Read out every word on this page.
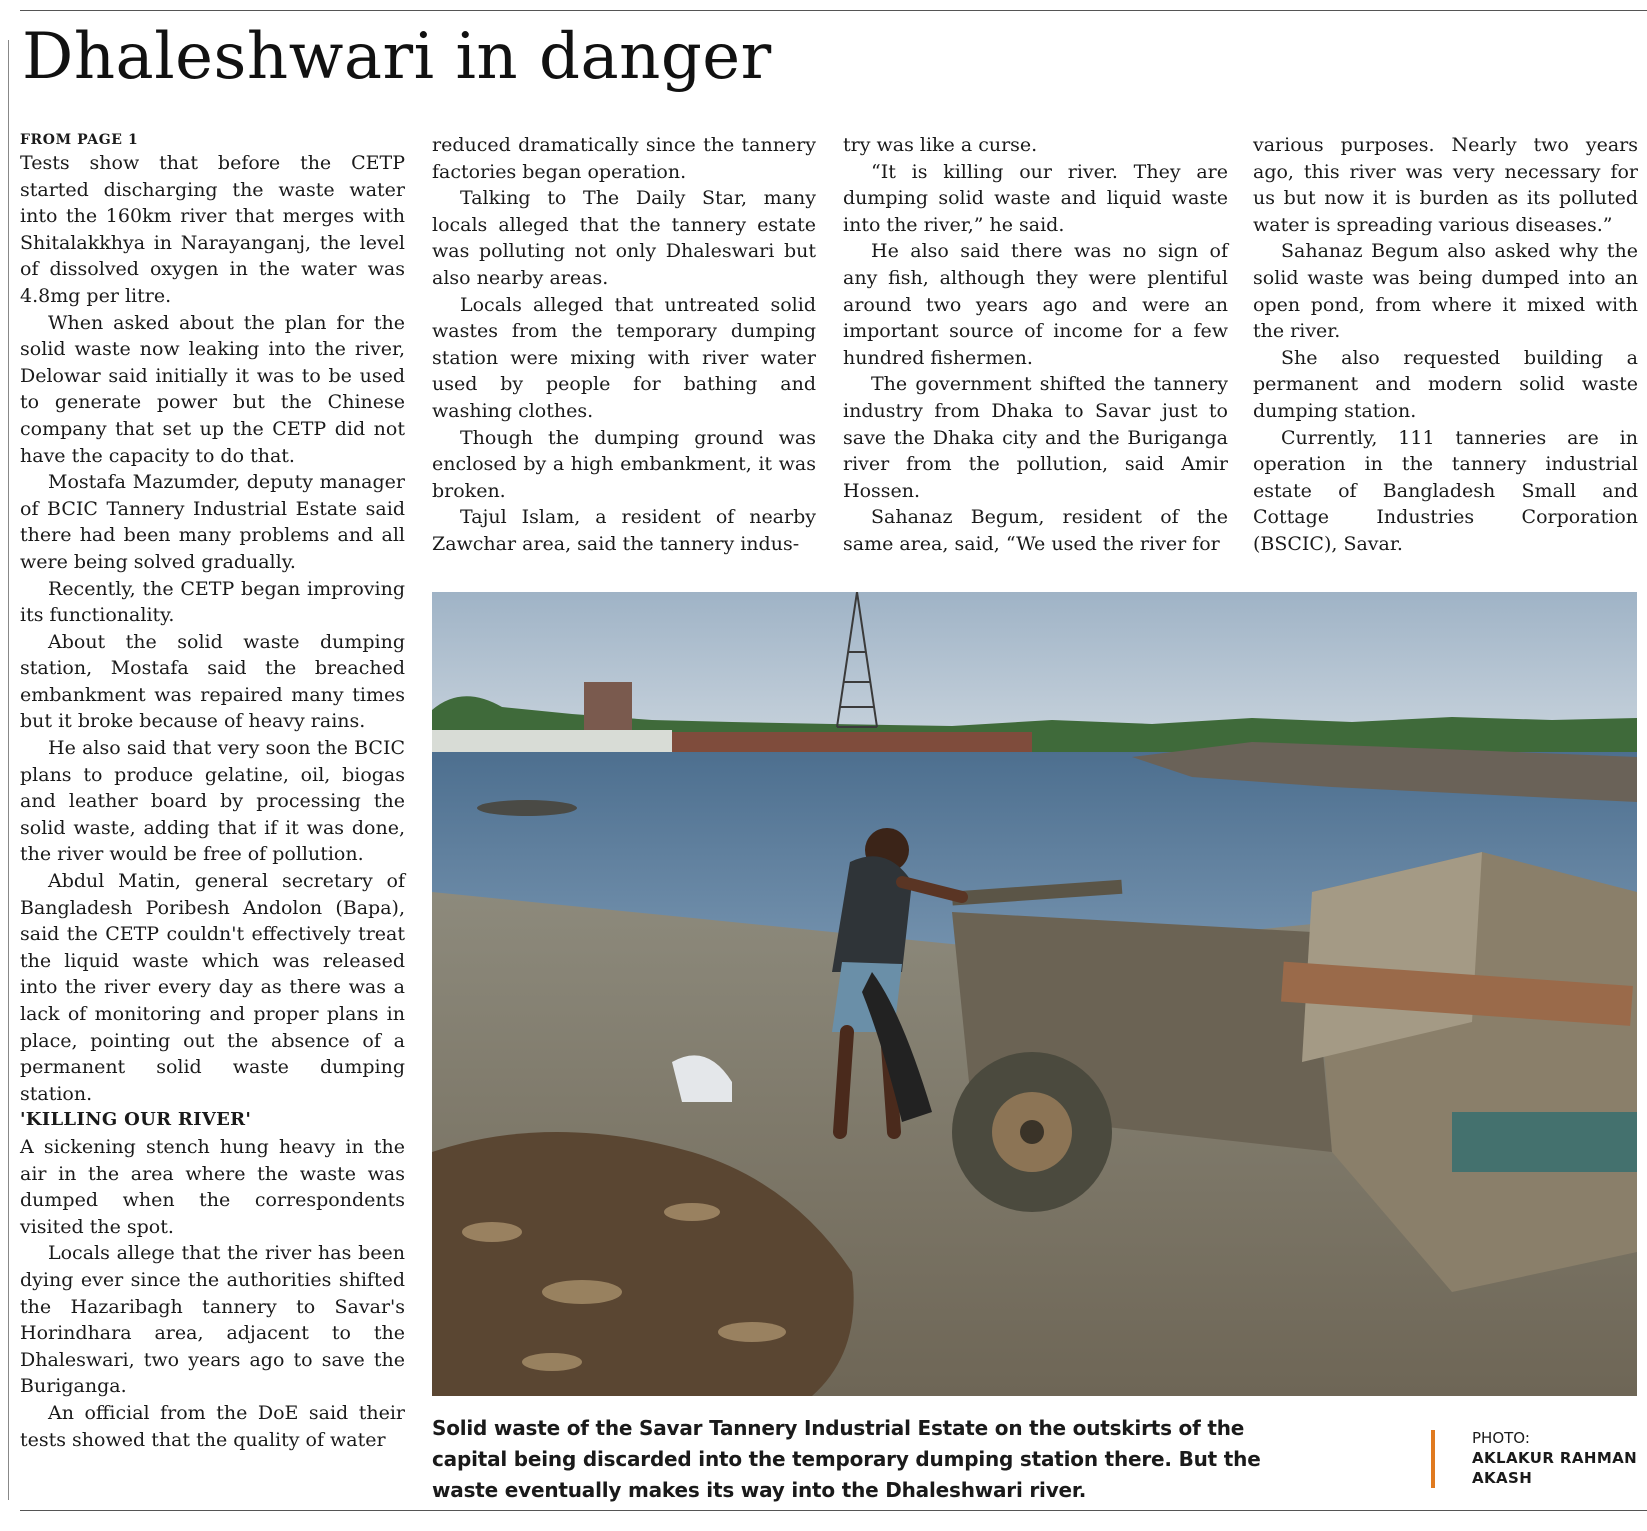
Dhaleshwari in danger

FROM PAGE 1

Tests show that before the CETP started discharging the waste water into the 160km river that merges with Shitalakkhya in Narayanganj, the level of dissolved oxygen in the water was 4.8mg per litre.

When asked about the plan for the solid waste now leaking into the river, Delowar said initially it was to be used to generate power but the Chinese company that set up the CETP did not have the capacity to do that.

Mostafa Mazumder, deputy manager of BCIC Tannery Industrial Estate said there had been many problems and all were being solved gradually.

Recently, the CETP began improving its functionality.

About the solid waste dumping station, Mostafa said the breached embankment was repaired many times but it broke because of heavy rains.

He also said that very soon the BCIC plans to produce gelatine, oil, biogas and leather board by processing the solid waste, adding that if it was done, the river would be free of pollution.

Abdul Matin, general secretary of Bangladesh Poribesh Andolon (Bapa), said the CETP couldn't effectively treat the liquid waste which was released into the river every day as there was a lack of monitoring and proper plans in place, pointing out the absence of a permanent solid waste dumping station.

'KILLING OUR RIVER'

A sickening stench hung heavy in the air in the area where the waste was dumped when the correspondents visited the spot.

Locals allege that the river has been dying ever since the authorities shifted the Hazaribagh tannery to Savar's Horindhara area, adjacent to the Dhaleswari, two years ago to save the Buriganga.

An official from the DoE said their tests showed that the quality of water

reduced dramatically since the tannery factories began operation.

Talking to The Daily Star, many locals alleged that the tannery estate was polluting not only Dhaleswari but also nearby areas.

Locals alleged that untreated solid wastes from the temporary dumping station were mixing with river water used by people for bathing and washing clothes.

Though the dumping ground was enclosed by a high embankment, it was broken.

Tajul Islam, a resident of nearby Zawchar area, said the tannery indus-

try was like a curse.

“It is killing our river. They are dumping solid waste and liquid waste into the river,” he said.

He also said there was no sign of any fish, although they were plentiful around two years ago and were an important source of income for a few hundred fishermen.

The government shifted the tannery industry from Dhaka to Savar just to save the Dhaka city and the Buriganga river from the pollution, said Amir Hossen.

Sahanaz Begum, resident of the same area, said, “We used the river for

various purposes. Nearly two years ago, this river was very necessary for us but now it is burden as its polluted water is spreading various diseases.”

Sahanaz Begum also asked why the solid waste was being dumped into an open pond, from where it mixed with the river.

She also requested building a permanent and modern solid waste dumping station.

Currently, 111 tanneries are in operation in the tannery industrial estate of Bangladesh Small and Cottage Industries Corporation (BSCIC), Savar.

Solid waste of the Savar Tannery Industrial Estate on the outskirts of the capital being discarded into the temporary dumping station there. But the waste eventually makes its way into the Dhaleshwari river.
PHOTO:
AKLAKUR RAHMAN AKASH
